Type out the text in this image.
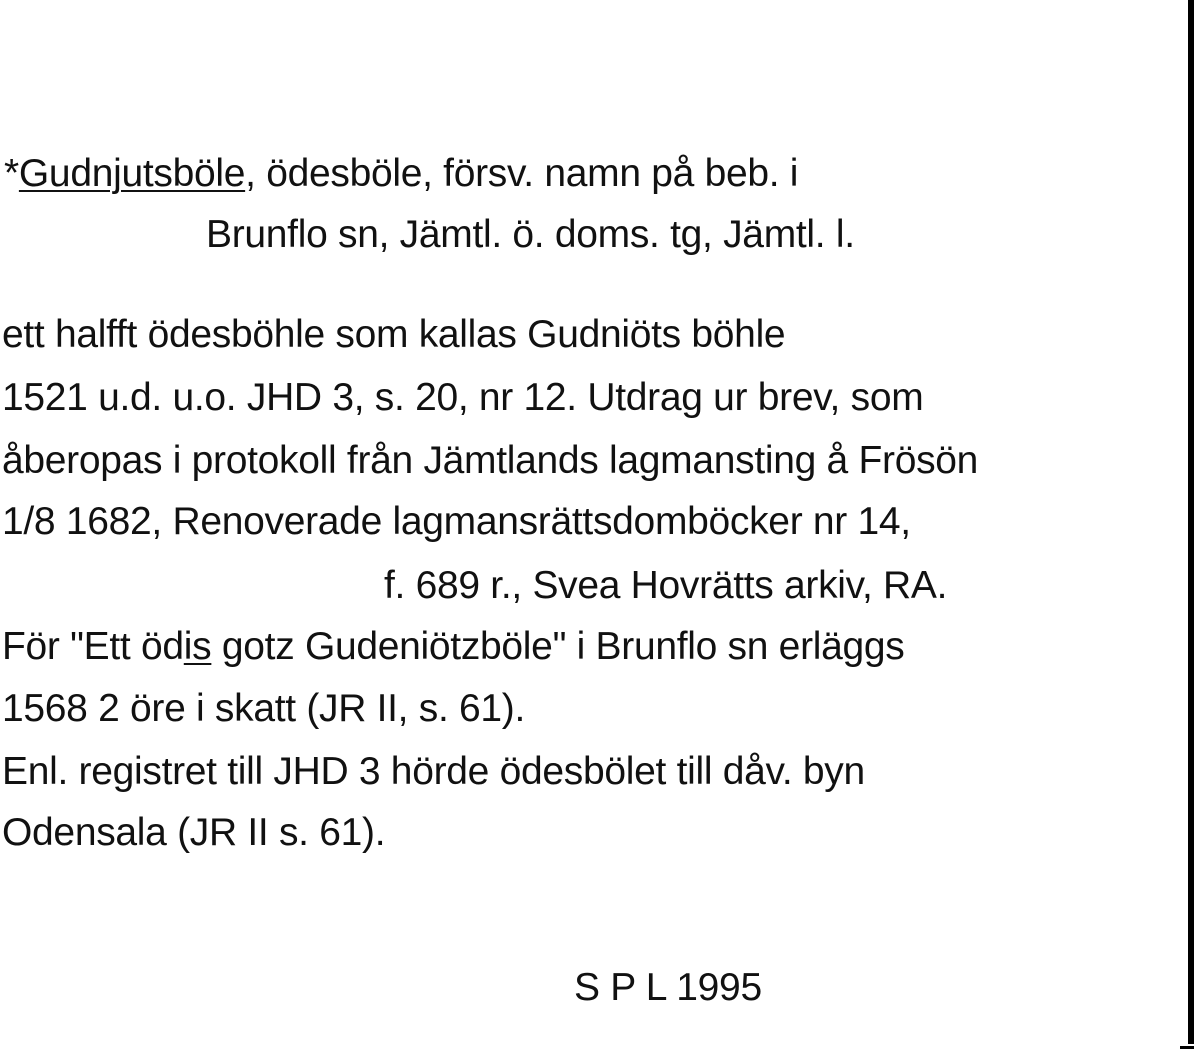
*Gudnjutsböle, ödesböle, försv. namn på beb. i
Brunflo sn, Jämtl. ö. doms. tg, Jämtl. l.
ett halfft ödesböhle som kallas Gudniöts böhle
1521 u.d. u.o. JHD 3, s. 20, nr 12. Utdrag ur brev, som
åberopas i protokoll från Jämtlands lagmansting å Frösön
1/8 1682, Renoverade lagmansrättsdomböcker nr 14,
f. 689 r., Svea Hovrätts arkiv, RA.
För "Ett ödis gotz Gudeniötzböle" i Brunflo sn erläggs
1568 2 öre i skatt (JR II, s. 61).
Enl. registret till JHD 3 hörde ödesbölet till dåv. byn
Odensala (JR II s. 61).
S P L 1995
